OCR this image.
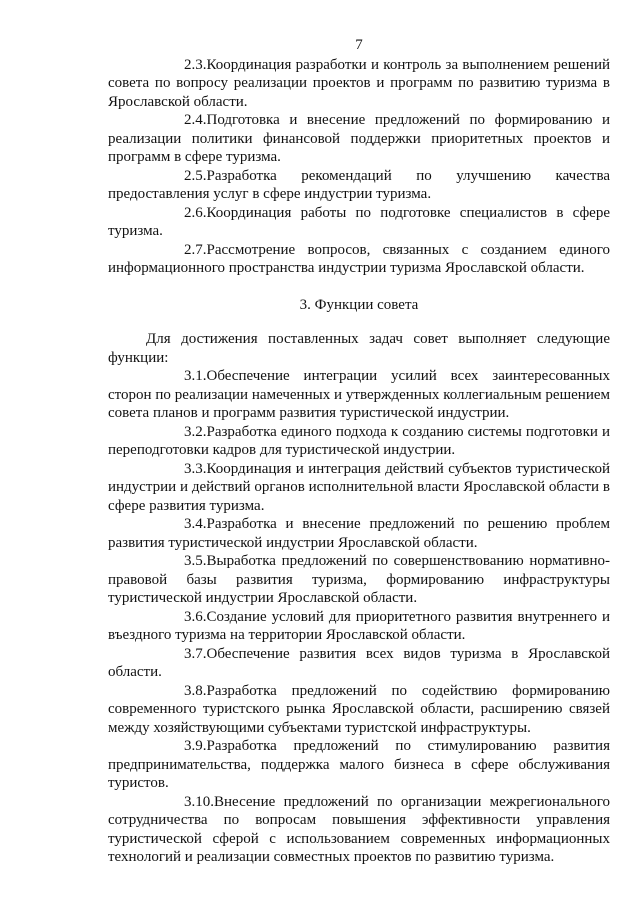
7

2.3.Координация разработки и контроль за выполнением решений совета по вопросу реализации проектов и программ по развитию туризма в Ярославской области.

2.4.Подготовка и внесение предложений по формированию и реализации политики финансовой поддержки приоритетных проектов и программ в сфере туризма.

2.5.Разработка рекомендаций по улучшению качества предоставления услуг в сфере индустрии туризма.

2.6.Координация работы по подготовке специалистов в сфере туризма.

2.7.Рассмотрение вопросов, связанных с созданием единого информационного пространства индустрии туризма Ярославской области.

3. Функции совета

Для достижения поставленных задач совет выполняет следующие функции:

3.1.Обеспечение интеграции усилий всех заинтересованных сторон по реализации намеченных и утвержденных коллегиальным решением совета планов и программ развития туристической индустрии.

3.2.Разработка единого подхода к созданию системы подготовки и переподготовки кадров для туристической индустрии.

3.3.Координация и интеграция действий субъектов туристической индустрии и действий органов исполнительной власти Ярославской области в сфере развития туризма.

3.4.Разработка и внесение предложений по решению проблем развития туристической индустрии Ярославской области.

3.5.Выработка предложений по совершенствованию нормативно-правовой базы развития туризма, формированию инфраструктуры туристической индустрии Ярославской области.

3.6.Создание условий для приоритетного развития внутреннего и въездного туризма на территории Ярославской области.

3.7.Обеспечение развития всех видов туризма в Ярославской области.

3.8.Разработка предложений по содействию формированию современного туристского рынка Ярославской области, расширению связей между хозяйствующими субъектами туристской инфраструктуры.

3.9.Разработка предложений по стимулированию развития предпринимательства, поддержка малого бизнеса в сфере обслуживания туристов.

3.10.Внесение предложений по организации межрегионального сотрудничества по вопросам повышения эффективности управления туристической сферой с использованием современных информационных технологий и реализации совместных проектов по развитию туризма.
